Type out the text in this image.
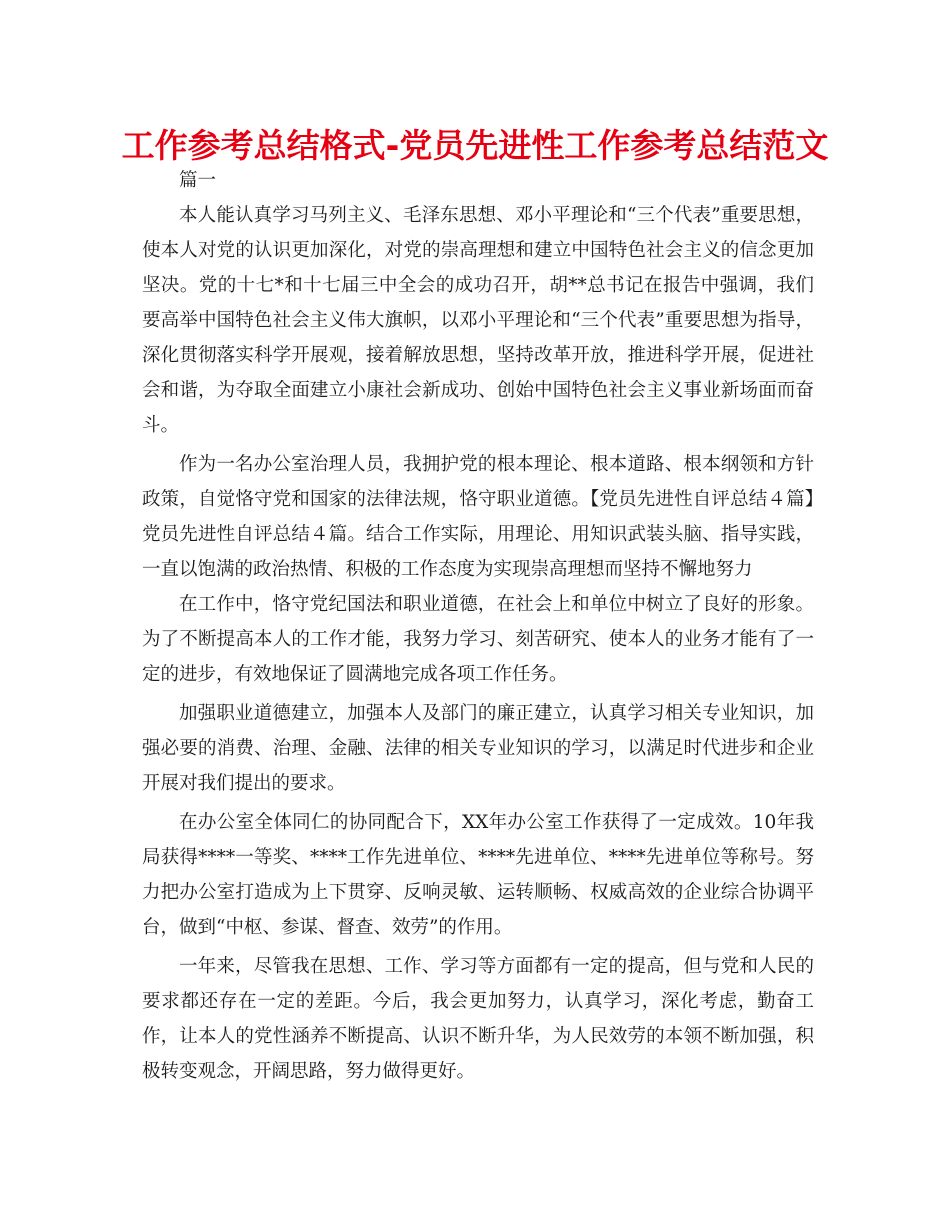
工作参考总结格式-党员先进性工作参考总结范文
篇一

本人能认真学习马列主义、毛泽东思想、邓小平理论和“三个代表”重要思想，使本人对党的认识更加深化，对党的崇高理想和建立中国特色社会主义的信念更加坚决。党的十七*和十七届三中全会的成功召开，胡**总书记在报告中强调，我们要高举中国特色社会主义伟大旗帜，以邓小平理论和“三个代表”重要思想为指导，深化贯彻落实科学开展观，接着解放思想，坚持改革开放，推进科学开展，促进社会和谐，为夺取全面建立小康社会新成功、创始中国特色社会主义事业新场面而奋斗。

作为一名办公室治理人员，我拥护党的根本理论、根本道路、根本纲领和方针政策，自觉恪守党和国家的法律法规，恪守职业道德。【党员先进性自评总结４篇】党员先进性自评总结４篇。结合工作实际，用理论、用知识武装头脑、指导实践，一直以饱满的政治热情、积极的工作态度为实现崇高理想而坚持不懈地努力

在工作中，恪守党纪国法和职业道德，在社会上和单位中树立了良好的形象。为了不断提高本人的工作才能，我努力学习、刻苦研究、使本人的业务才能有了一定的进步，有效地保证了圆满地完成各项工作任务。

加强职业道德建立，加强本人及部门的廉正建立，认真学习相关专业知识，加强必要的消费、治理、金融、法律的相关专业知识的学习，以满足时代进步和企业开展对我们提出的要求。

在办公室全体同仁的协同配合下，XX年办公室工作获得了一定成效。10年我局获得****一等奖、****工作先进单位、****先进单位、****先进单位等称号。努力把办公室打造成为上下贯穿、反响灵敏、运转顺畅、权威高效的企业综合协调平台，做到“中枢、参谋、督查、效劳”的作用。

一年来，尽管我在思想、工作、学习等方面都有一定的提高，但与党和人民的要求都还存在一定的差距。今后，我会更加努力，认真学习，深化考虑，勤奋工作，让本人的党性涵养不断提高、认识不断升华，为人民效劳的本领不断加强，积极转变观念，开阔思路，努力做得更好。
